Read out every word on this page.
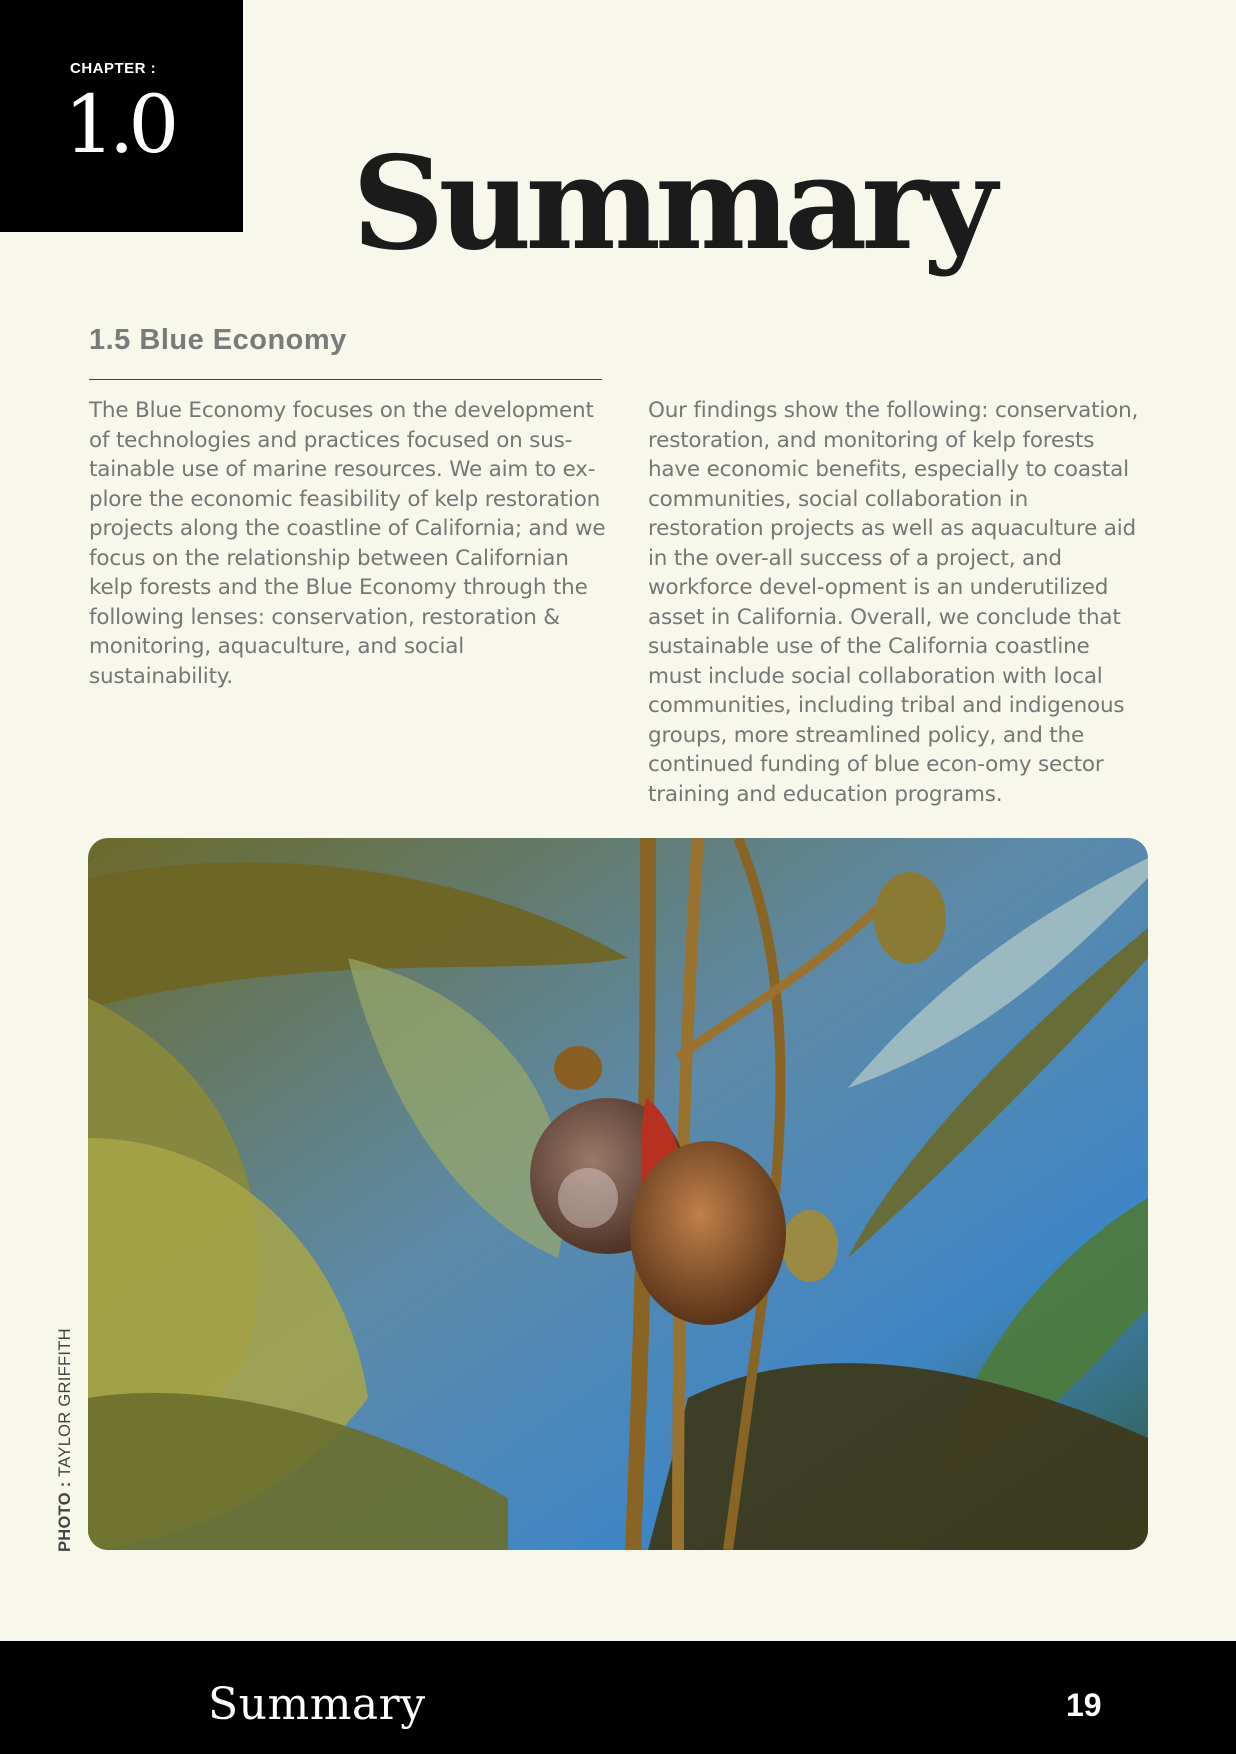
CHAPTER :
1.0
Summary
1.5 Blue Economy

The Blue Economy focuses on the development of technologies and practices focused on sus-tainable use of marine resources. We aim to ex-plore the economic feasibility of kelp restoration projects along the coastline of California; and we focus on the relationship between Californian kelp forests and the Blue Economy through the following lenses: conservation, restoration & monitoring, aquaculture, and social sustainability.

Our findings show the following: conservation, restoration, and monitoring of kelp forests have economic benefits, especially to coastal communities, social collaboration in restoration projects as well as aquaculture aid in the over-all success of a project, and workforce devel-opment is an underutilized asset in California. Overall, we conclude that sustainable use of the California coastline must include social collaboration with local communities, including tribal and indigenous groups, more streamlined policy, and the continued funding of blue econ-omy sector training and education programs.

PHOTO : TAYLOR GRIFFITH
Summary	19
